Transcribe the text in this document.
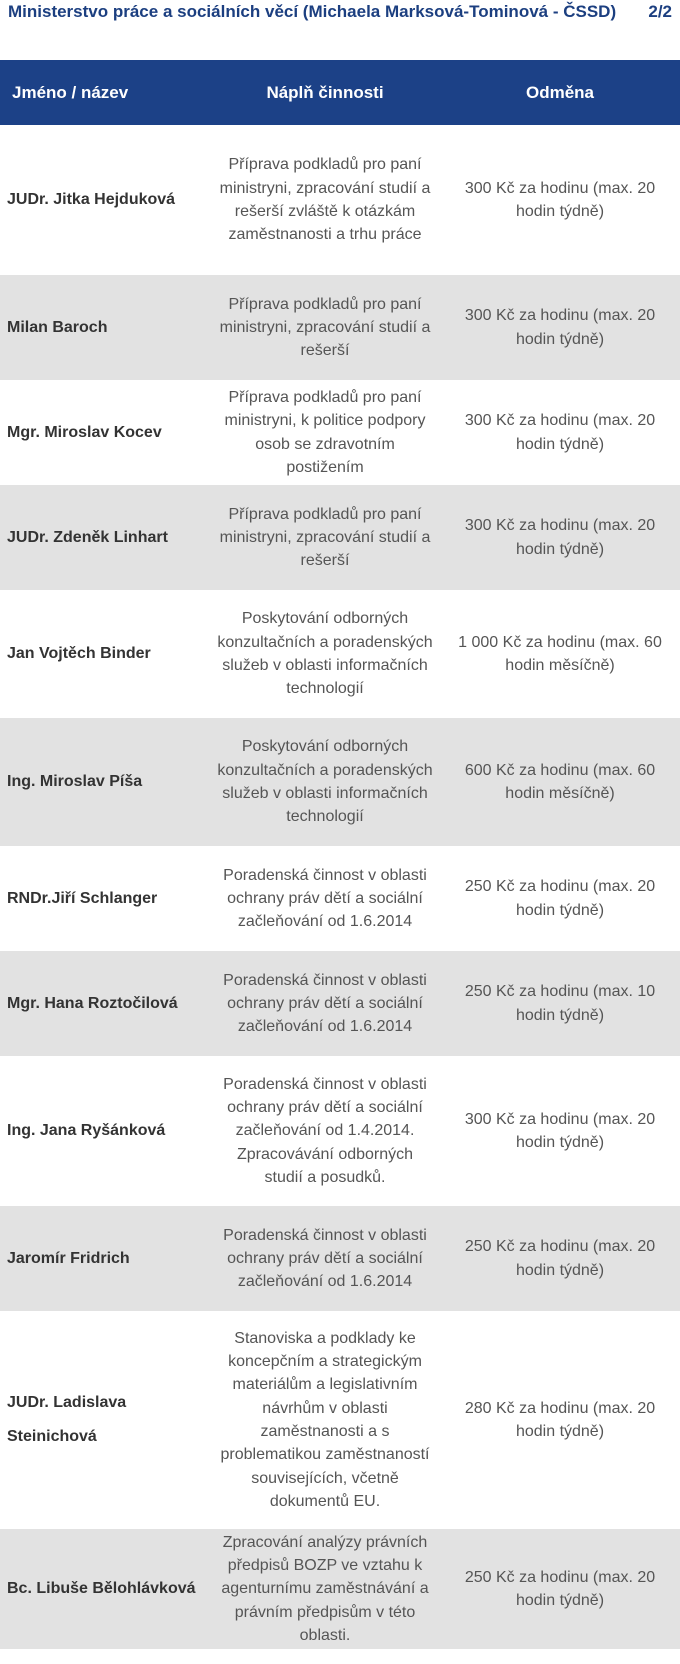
Ministerstvo práce a sociálních věcí (Michaela Marksová-Tominová - ČSSD)	2/2
Jméno / název	Náplň činnosti	Odměna
JUDr. Jitka Hejduková	Příprava podkladů pro paní ministryni, zpracování studií a rešerší zvláště k otázkám zaměstnanosti a trhu práce	300 Kč za hodinu (max. 20 hodin týdně)
Milan Baroch	Příprava podkladů pro paní ministryni, zpracování studií a rešerší	300 Kč za hodinu (max. 20 hodin týdně)
Mgr. Miroslav Kocev	Příprava podkladů pro paní ministryni, k politice podpory osob se zdravotním postižením	300 Kč za hodinu (max. 20 hodin týdně)
JUDr. Zdeněk Linhart	Příprava podkladů pro paní ministryni, zpracování studií a rešerší	300 Kč za hodinu (max. 20 hodin týdně)
Jan Vojtěch Binder	Poskytování odborných konzultačních a poradenských služeb v oblasti informačních technologií	1 000 Kč za hodinu (max. 60 hodin měsíčně)
Ing. Miroslav Píša	Poskytování odborných konzultačních a poradenských služeb v oblasti informačních technologií	600 Kč za hodinu (max. 60 hodin měsíčně)
RNDr.Jiří Schlanger	Poradenská činnost v oblasti ochrany práv dětí a sociální začleňování od 1.6.2014	250 Kč za hodinu (max. 20 hodin týdně)
Mgr. Hana Roztočilová	Poradenská činnost v oblasti ochrany práv dětí a sociální začleňování od 1.6.2014	250 Kč za hodinu (max. 10 hodin týdně)
Ing. Jana Ryšánková	Poradenská činnost v oblasti ochrany práv dětí a sociální začleňování od 1.4.2014. Zpracovávání odborných studií a posudků.	300 Kč za hodinu (max. 20 hodin týdně)
Jaromír Fridrich	Poradenská činnost v oblasti ochrany práv dětí a sociální začleňování od 1.6.2014	250 Kč za hodinu (max. 20 hodin týdně)
JUDr. Ladislava Steinichová	Stanoviska a podklady ke koncepčním a strategickým materiálům a legislativním návrhům v oblasti zaměstnanosti a s problematikou zaměstnaností souvisejících, včetně dokumentů EU.	280 Kč za hodinu (max. 20 hodin týdně)
Bc. Libuše Bělohlávková	Zpracování analýzy právních předpisů BOZP ve vztahu k agenturnímu zaměstnávání a právním předpisům v této oblasti.	250 Kč za hodinu (max. 20 hodin týdně)
